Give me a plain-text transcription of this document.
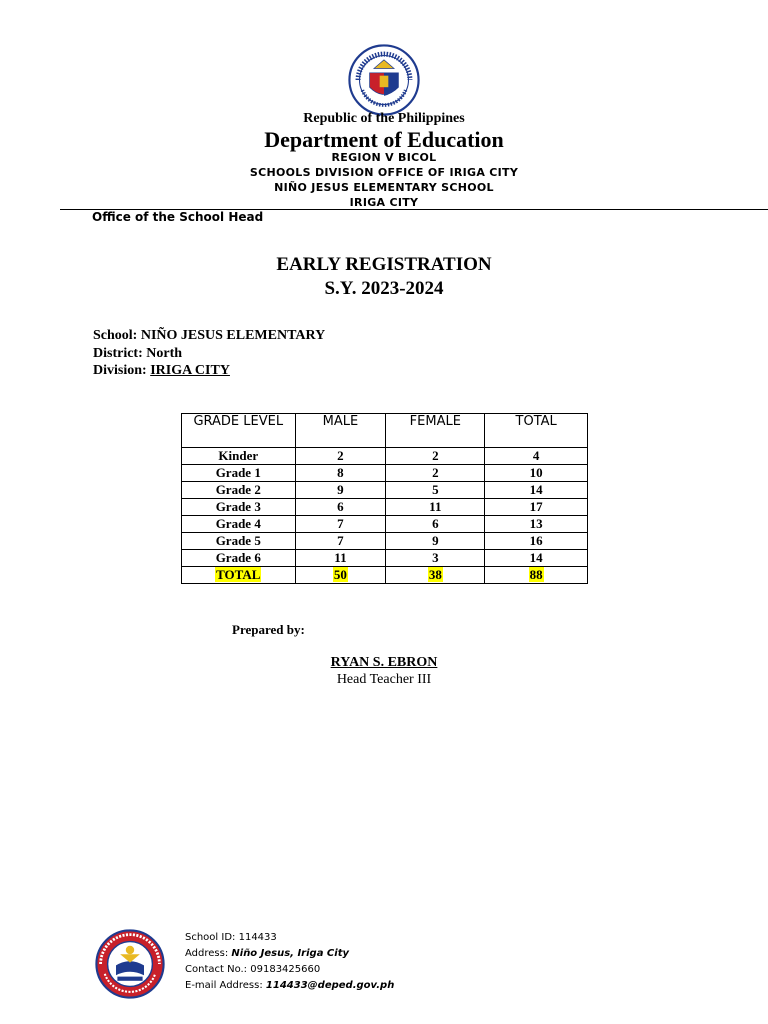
Republic of the Philippines
Department of Education
REGION V BICOL
SCHOOLS DIVISION OFFICE OF IRIGA CITY
NIÑO JESUS ELEMENTARY SCHOOL
IRIGA CITY
Office of the School Head
EARLY REGISTRATION
S.Y. 2023-2024
School: NIÑO JESUS ELEMENTARY
District: North
Division: IRIGA CITY
GRADE LEVEL	MALE	FEMALE	TOTAL
Kinder	2	2	4
Grade 1	8	2	10
Grade 2	9	5	14
Grade 3	6	11	17
Grade 4	7	6	13
Grade 5	7	9	16
Grade 6	11	3	14
TOTAL	50	38	88
Prepared by:
RYAN S. EBRON
Head Teacher III
School ID: 114433
Address: Niño Jesus, Iriga City
Contact No.: 09183425660
E-mail Address: 114433@deped.gov.ph
